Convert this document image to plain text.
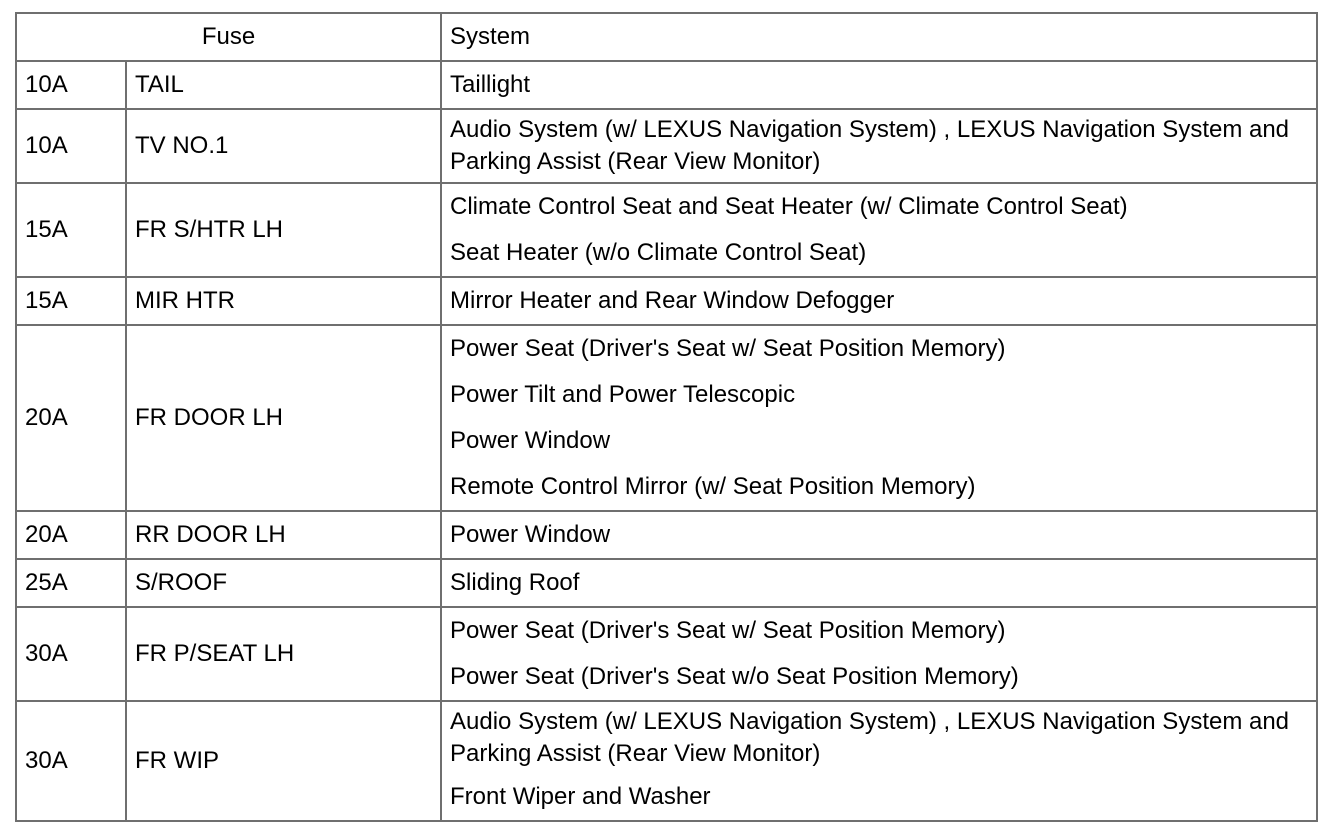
Fuse		System
10A	TAIL	Taillight

10A	TV NO.1	Audio System (w/ LEXUS Navigation System) , LEXUS Navigation System and Parking Assist (Rear View Monitor)

15A	FR S/HTR LH	Climate Control Seat and Seat Heater (w/ Climate Control Seat)
Seat Heater (w/o Climate Control Seat)

15A	MIR HTR	Mirror Heater and Rear Window Defogger

20A	FR DOOR LH	Power Seat (Driver's Seat w/ Seat Position Memory)
Power Tilt and Power Telescopic
Power Window
Remote Control Mirror (w/ Seat Position Memory)

20A	RR DOOR LH	Power Window

25A	S/ROOF	Sliding Roof

30A	FR P/SEAT LH	Power Seat (Driver's Seat w/ Seat Position Memory)
Power Seat (Driver's Seat w/o Seat Position Memory)

30A	FR WIP	Audio System (w/ LEXUS Navigation System) , LEXUS Navigation System and Parking Assist (Rear View Monitor)
Front Wiper and Washer
